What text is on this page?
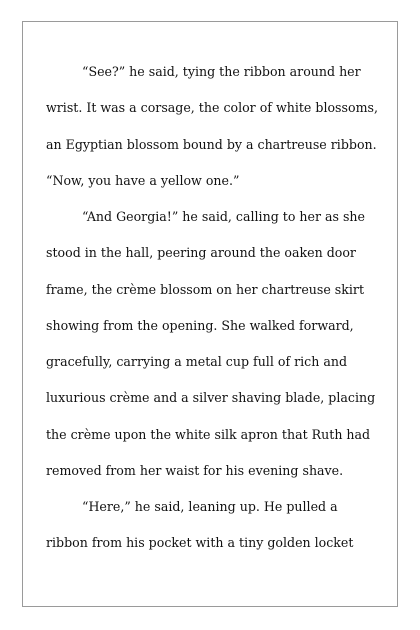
“See?” he said, tying the ribbon around her
wrist. It was a corsage, the color of white blossoms,
an Egyptian blossom bound by a chartreuse ribbon.
“Now, you have a yellow one.”
“And Georgia!” he said, calling to her as she
stood in the hall, peering around the oaken door
frame, the crème blossom on her chartreuse skirt
showing from the opening. She walked forward,
gracefully, carrying a metal cup full of rich and
luxurious crème and a silver shaving blade, placing
the crème upon the white silk apron that Ruth had
removed from her waist for his evening shave.
“Here,” he said, leaning up. He pulled a
ribbon from his pocket with a tiny golden locket
